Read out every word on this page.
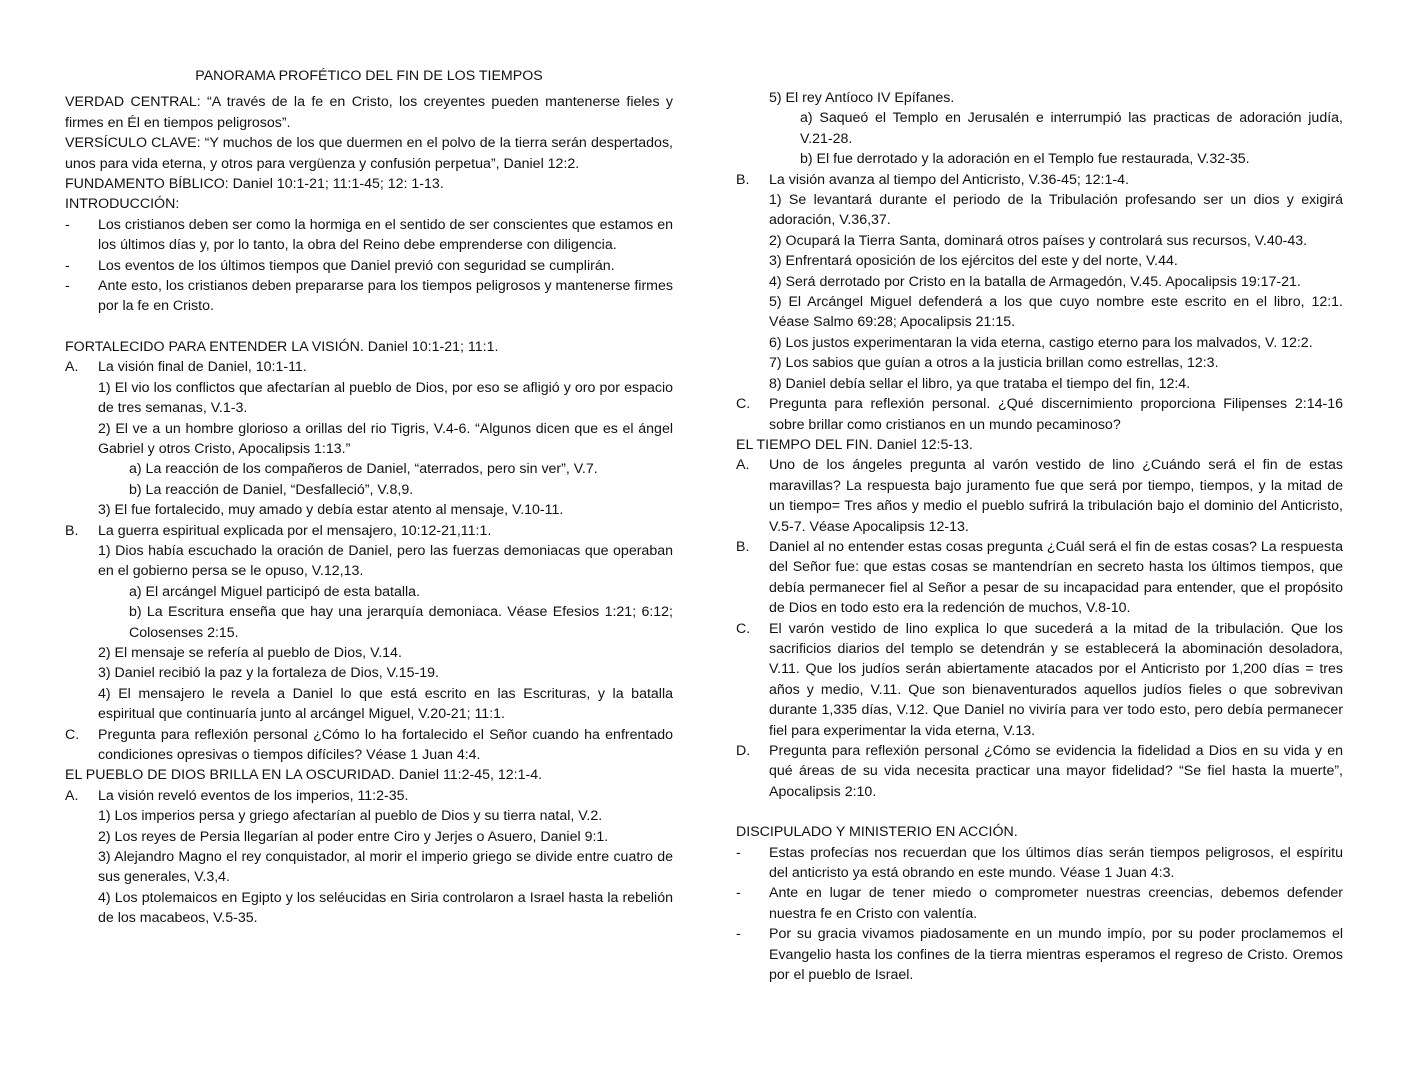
PANORAMA PROFÉTICO DEL FIN DE LOS TIEMPOS
VERDAD CENTRAL: “A través de la fe en Cristo, los creyentes pueden mantenerse fieles y firmes en Él en tiempos peligrosos”.
VERSÍCULO CLAVE: “Y muchos de los que duermen en el polvo de la tierra serán despertados, unos para vida eterna, y otros para vergüenza y confusión perpetua”, Daniel 12:2.
FUNDAMENTO BÍBLICO: Daniel 10:1-21; 11:1-45; 12: 1-13.
INTRODUCCIÓN:
-	Los cristianos deben ser como la hormiga en el sentido de ser conscientes que estamos en los últimos días y, por lo tanto, la obra del Reino debe emprenderse con diligencia.
-	Los eventos de los últimos tiempos que Daniel previó con seguridad se cumplirán.
-	Ante esto, los cristianos deben prepararse para los tiempos peligrosos y mantenerse firmes por la fe en Cristo.
FORTALECIDO PARA ENTENDER LA VISIÓN. Daniel 10:1-21; 11:1.
A.	La visión final de Daniel, 10:1-11.
1) El vio los conflictos que afectarían al pueblo de Dios, por eso se afligió y oro por espacio de tres semanas, V.1-3.
2) El ve a un hombre glorioso a orillas del rio Tigris, V.4-6. “Algunos dicen que es el ángel Gabriel y otros Cristo, Apocalipsis 1:13.”
a) La reacción de los compañeros de Daniel, “aterrados, pero sin ver”, V.7.
b) La reacción de Daniel, “Desfalleció”, V.8,9.
3) El fue fortalecido, muy amado y debía estar atento al mensaje, V.10-11.
B.	La guerra espiritual explicada por el mensajero, 10:12-21,11:1.
1) Dios había escuchado la oración de Daniel, pero las fuerzas demoniacas que operaban en el gobierno persa se le opuso, V.12,13.
a) El arcángel Miguel participó de esta batalla.
b) La Escritura enseña que hay una jerarquía demoniaca. Véase Efesios 1:21; 6:12; Colosenses 2:15.
2) El mensaje se refería al pueblo de Dios, V.14.
3) Daniel recibió la paz y la fortaleza de Dios, V.15-19.
4) El mensajero le revela a Daniel lo que está escrito en las Escrituras, y la batalla espiritual que continuaría junto al arcángel Miguel, V.20-21; 11:1.
C.	Pregunta para reflexión personal ¿Cómo lo ha fortalecido el Señor cuando ha enfrentado condiciones opresivas o tiempos difíciles? Véase 1 Juan 4:4.
EL PUEBLO DE DIOS BRILLA EN LA OSCURIDAD. Daniel 11:2-45, 12:1-4.
A.	La visión reveló eventos de los imperios, 11:2-35.
1) Los imperios persa y griego afectarían al pueblo de Dios y su tierra natal, V.2.
2) Los reyes de Persia llegarían al poder entre Ciro y Jerjes o Asuero, Daniel 9:1.
3) Alejandro Magno el rey conquistador, al morir el imperio griego se divide entre cuatro de sus generales, V.3,4.
4) Los ptolemaicos en Egipto y los seléucidas en Siria controlaron a Israel hasta la rebelión de los macabeos, V.5-35.
5) El rey Antíoco IV Epífanes.
a) Saqueó el Templo en Jerusalén e interrumpió las practicas de adoración judía, V.21-28.
b) El fue derrotado y la adoración en el Templo fue restaurada, V.32-35.
B.	La visión avanza al tiempo del Anticristo, V.36-45; 12:1-4.
1) Se levantará durante el periodo de la Tribulación profesando ser un dios y exigirá adoración, V.36,37.
2) Ocupará la Tierra Santa, dominará otros países y controlará sus recursos, V.40-43.
3) Enfrentará oposición de los ejércitos del este y del norte, V.44.
4) Será derrotado por Cristo en la batalla de Armagedón, V.45. Apocalipsis 19:17-21.
5) El Arcángel Miguel defenderá a los que cuyo nombre este escrito en el libro, 12:1. Véase Salmo 69:28; Apocalipsis 21:15.
6) Los justos experimentaran la vida eterna, castigo eterno para los malvados, V. 12:2.
7) Los sabios que guían a otros a la justicia brillan como estrellas, 12:3.
8) Daniel debía sellar el libro, ya que trataba el tiempo del fin, 12:4.
C.	Pregunta para reflexión personal. ¿Qué discernimiento proporciona Filipenses 2:14-16 sobre brillar como cristianos en un mundo pecaminoso?
EL TIEMPO DEL FIN. Daniel 12:5-13.
A.	Uno de los ángeles pregunta al varón vestido de lino ¿Cuándo será el fin de estas maravillas? La respuesta bajo juramento fue que será por tiempo, tiempos, y la mitad de un tiempo= Tres años y medio el pueblo sufrirá la tribulación bajo el dominio del Anticristo, V.5-7. Véase Apocalipsis 12-13.
B.	Daniel al no entender estas cosas pregunta ¿Cuál será el fin de estas cosas? La respuesta del Señor fue: que estas cosas se mantendrían en secreto hasta los últimos tiempos, que debía permanecer fiel al Señor a pesar de su incapacidad para entender, que el propósito de Dios en todo esto era la redención de muchos, V.8-10.
C.	El varón vestido de lino explica lo que sucederá a la mitad de la tribulación. Que los sacrificios diarios del templo se detendrán y se establecerá la abominación desoladora, V.11. Que los judíos serán abiertamente atacados por el Anticristo por 1,200 días = tres años y medio, V.11. Que son bienaventurados aquellos judíos fieles o que sobrevivan durante 1,335 días, V.12. Que Daniel no viviría para ver todo esto, pero debía permanecer fiel para experimentar la vida eterna, V.13.
D.	Pregunta para reflexión personal ¿Cómo se evidencia la fidelidad a Dios en su vida y en qué áreas de su vida necesita practicar una mayor fidelidad? “Se fiel hasta la muerte”, Apocalipsis 2:10.
DISCIPULADO Y MINISTERIO EN ACCIÓN.
-	Estas profecías nos recuerdan que los últimos días serán tiempos peligrosos, el espíritu del anticristo ya está obrando en este mundo. Véase 1 Juan 4:3.
-	Ante en lugar de tener miedo o comprometer nuestras creencias, debemos defender nuestra fe en Cristo con valentía.
-	Por su gracia vivamos piadosamente en un mundo impío, por su poder proclamemos el Evangelio hasta los confines de la tierra mientras esperamos el regreso de Cristo. Oremos por el pueblo de Israel.
